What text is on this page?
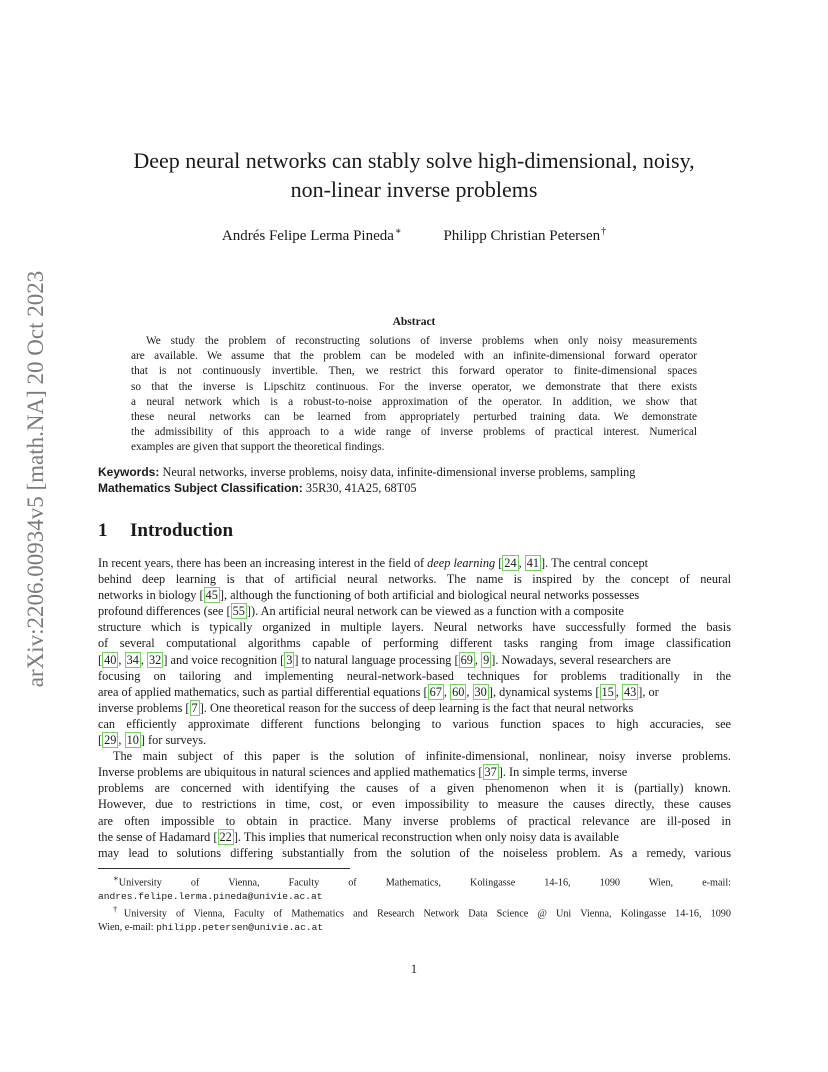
arXiv:2206.00934v5 [math.NA] 20 Oct 2023
Deep neural networks can stably solve high-dimensional, noisy,
non-linear inverse problems
Andrés Felipe Lerma Pineda∗	Philipp Christian Petersen†
Abstract
We study the problem of reconstructing solutions of inverse problems when only noisy measurements
are available. We assume that the problem can be modeled with an infinite-dimensional forward operator
that is not continuously invertible. Then, we restrict this forward operator to finite-dimensional spaces
so that the inverse is Lipschitz continuous. For the inverse operator, we demonstrate that there exists
a neural network which is a robust-to-noise approximation of the operator. In addition, we show that
these neural networks can be learned from appropriately perturbed training data. We demonstrate
the admissibility of this approach to a wide range of inverse problems of practical interest. Numerical
examples are given that support the theoretical findings.
Keywords: Neural networks, inverse problems, noisy data, infinite-dimensional inverse problems, sampling
Mathematics Subject Classification: 35R30, 41A25, 68T05
1 Introduction
In recent years, there has been an increasing interest in the field of deep learning [ 24 , 41 ]. The central concept
behind deep learning is that of artificial neural networks. The name is inspired by the concept of neural
networks in biology [ 45 ], although the functioning of both artificial and biological neural networks possesses
profound differences (see [ 55 ]). An artificial neural network can be viewed as a function with a composite
structure which is typically organized in multiple layers. Neural networks have successfully formed the basis
of several computational algorithms capable of performing different tasks ranging from image classification
[ 40 , 34 , 32 ] and voice recognition [ 3 ] to natural language processing [ 69 , 9 ]. Nowadays, several researchers are
focusing on tailoring and implementing neural-network-based techniques for problems traditionally in the
area of applied mathematics, such as partial differential equations [ 67 , 60 , 30 ], dynamical systems [ 15 , 43 ], or
inverse problems [ 7 ]. One theoretical reason for the success of deep learning is the fact that neural networks
can efficiently approximate different functions belonging to various function spaces to high accuracies, see
[ 29 , 10 ] for surveys.
The main subject of this paper is the solution of infinite-dimensional, nonlinear, noisy inverse problems.
Inverse problems are ubiquitous in natural sciences and applied mathematics [ 37 ]. In simple terms, inverse
problems are concerned with identifying the causes of a given phenomenon when it is (partially) known.
However, due to restrictions in time, cost, or even impossibility to measure the causes directly, these causes
are often impossible to obtain in practice. Many inverse problems of practical relevance are ill-posed in
the sense of Hadamard [ 22 ]. This implies that numerical reconstruction when only noisy data is available
may lead to solutions differing substantially from the solution of the noiseless problem. As a remedy, various
∗University of Vienna, Faculty of Mathematics, Kolingasse 14-16, 1090 Wien, e-mail:
andres.felipe.lerma.pineda@univie.ac.at
†University of Vienna, Faculty of Mathematics and Research Network Data Science @ Uni Vienna, Kolingasse 14-16, 1090
Wien, e-mail: philipp.petersen@univie.ac.at
1
